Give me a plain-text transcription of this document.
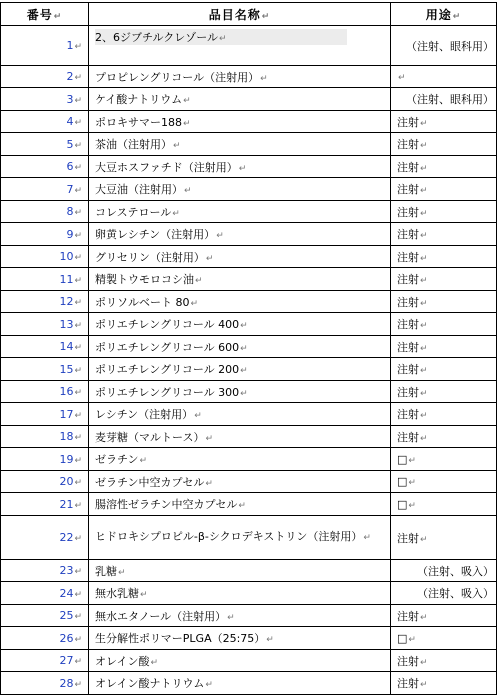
番号↵	品目名称↵	用途↵
1↵	2、6ジブチルクレゾール↵	（注射、眼科用）
2↵	プロピレングリコール（注射用）↵	↵
3↵	ケイ酸ナトリウム↵	（注射、眼科用）
4↵	ポロキサマー188↵	注射↵
5↵	茶油（注射用）↵	注射↵
6↵	大豆ホスファチド（注射用）↵	注射↵
7↵	大豆油（注射用）↵	注射↵
8↵	コレステロール↵	注射↵
9↵	卵黄レシチン（注射用）↵	注射↵
10↵	グリセリン（注射用）↵	注射↵
11↵	精製トウモロコシ油↵	注射↵
12↵	ポリソルベート 80↵	注射↵
13↵	ポリエチレングリコール 400↵	注射↵
14↵	ポリエチレングリコール 600↵	注射↵
15↵	ポリエチレングリコール 200↵	注射↵
16↵	ポリエチレングリコール 300↵	注射↵
17↵	レシチン（注射用）↵	注射↵
18↵	麦芽糖（マルトース）↵	注射↵
19↵	ゼラチン↵	□↵
20↵	ゼラチン中空カプセル↵	□↵
21↵	腸溶性ゼラチン中空カプセル↵	□↵
22↵	ヒドロキシプロピル-β-シクロデキストリン（注射用）↵	注射↵
23↵	乳糖↵	（注射、吸入）
24↵	無水乳糖↵	（注射、吸入）
25↵	無水エタノール（注射用）↵	注射↵
26↵	生分解性ポリマーPLGA（25:75）↵	□↵
27↵	オレイン酸↵	注射↵
28↵	オレイン酸ナトリウム↵	注射↵
